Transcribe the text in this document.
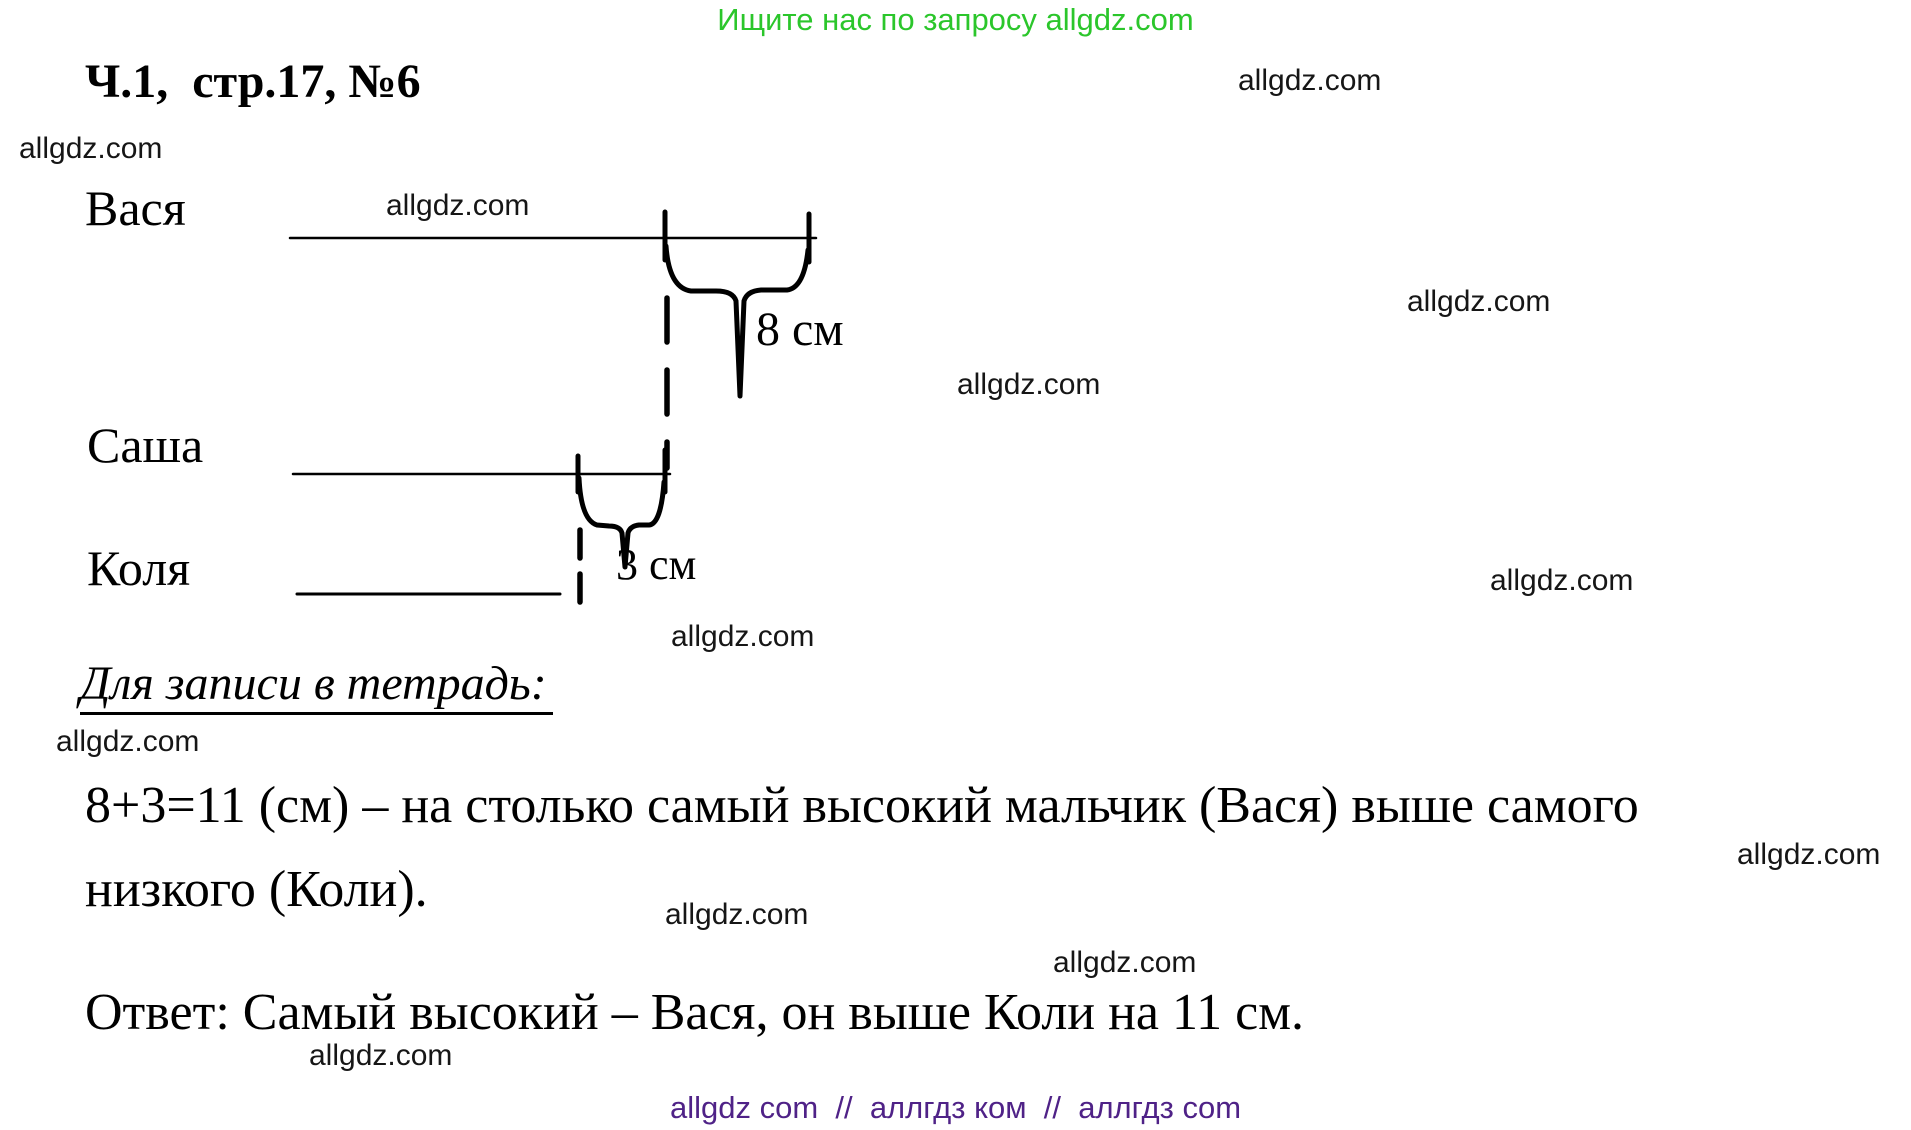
Ищите нас по запросу allgdz.com
Ч.1,  стр.17, №6	allgdz.com
allgdz.com
allgdz.com
allgdz.com
allgdz.com
allgdz.com
allgdz.com
allgdz.com
allgdz.com
allgdz.com
allgdz.com
allgdz.com
Вася
Саша
Коля
8 см
3 см
Для записи в тетрадь:
8+3=11 (см) – на столько самый высокий мальчик (Вася) выше самого
низкого (Коли).
Ответ: Самый высокий – Вася, он выше Коли на 11 см.
allgdz com  //  аллгдз ком  //  аллгдз com
